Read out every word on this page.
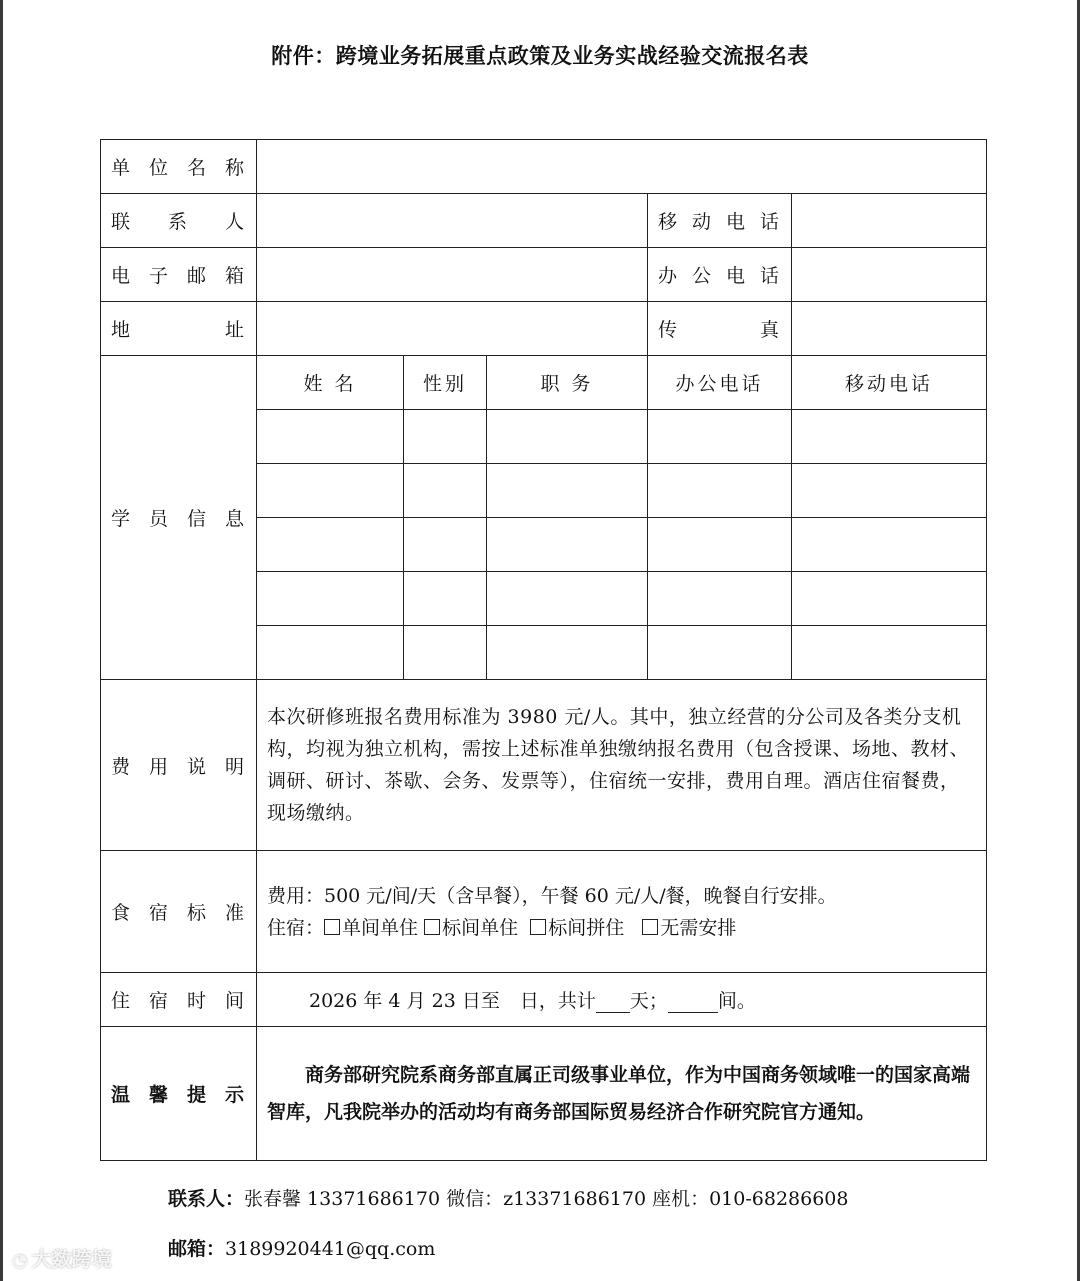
附件：跨境业务拓展重点政策及业务实战经验交流报名表
单位名称					
联系人				移动电话	
电子邮箱				办公电话	
地址				传真	
学员信息	姓 名	性别	职 务	办公电话	移动电话

费用说明	本次研修班报名费用标准为 3980 元/人。其中，独立经营的分公司及各类分支机构，均视为独立机构，需按上述标准单独缴纳报名费用（包含授课、场地、教材、调研、研讨、茶歇、会务、发票等），住宿统一安排，费用自理。酒店住宿餐费，现场缴纳。				
食宿标准	费用：500 元/间/天（含早餐），午餐 60 元/人/餐，晚餐自行安排。
住宿： 单间单住 标间单住 标间拼住 无需安排				

住宿时间	2026 年 4 月 23 日至 日，共计 天； 间。				
温馨提示	商务部研究院系商务部直属正司级事业单位，作为中国商务领域唯一的国家高端智库，凡我院举办的活动均有商务部国际贸易经济合作研究院官方通知。				
联系人：张春馨 13371686170 微信：z13371686170 座机：010-68286608
邮箱：3189920441@qq.com
◔ 大数跨境
